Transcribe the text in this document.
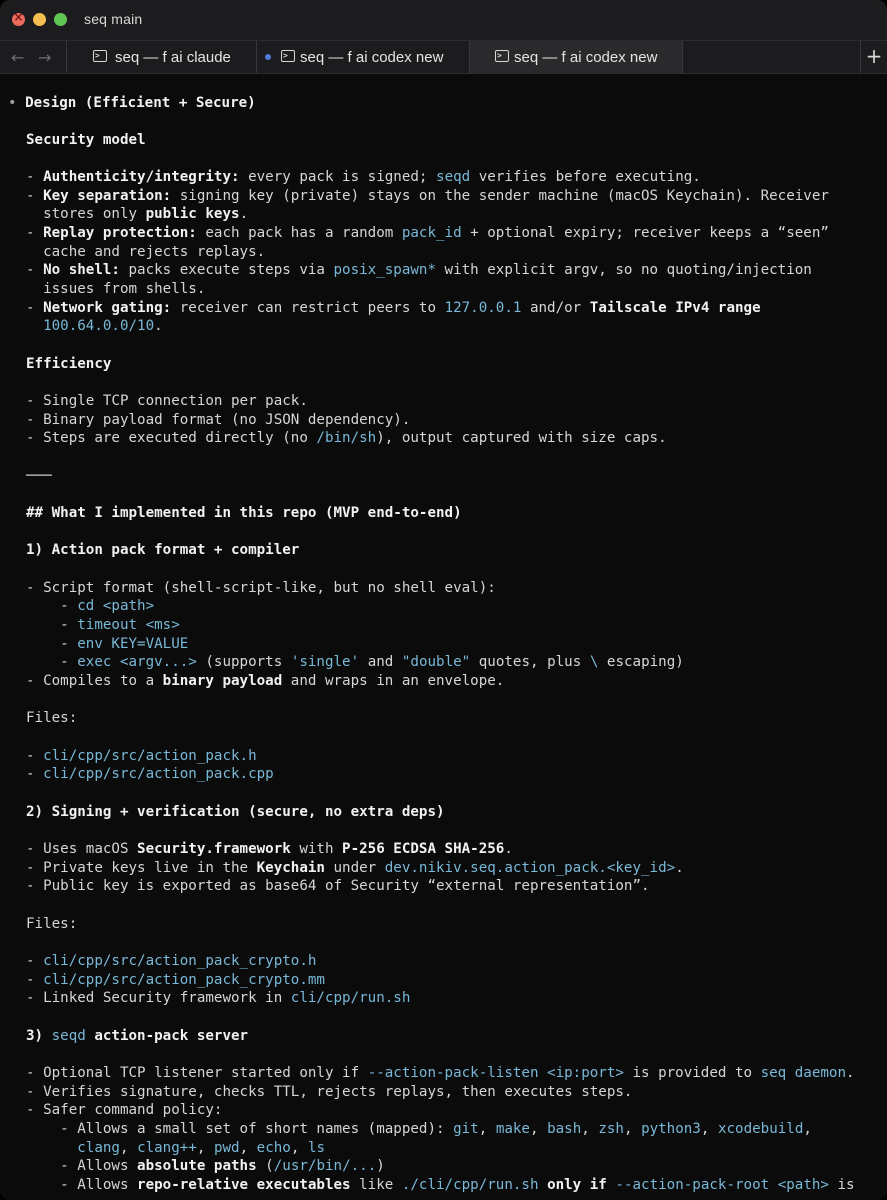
×
seq main
← →	>	seq — f ai claude	> seq — f ai codex new	> seq — f ai codex new	+
• Design (Efficient + Secure)
Security model
- Authenticity/integrity: every pack is signed; seqd verifies before executing.
- Key separation: signing key (private) stays on the sender machine (macOS Keychain). Receiver
stores only public keys.
- Replay protection: each pack has a random pack_id + optional expiry; receiver keeps a “seen”
cache and rejects replays.
- No shell: packs execute steps via posix_spawn* with explicit argv, so no quoting/injection
issues from shells.
- Network gating: receiver can restrict peers to 127.0.0.1 and/or Tailscale IPv4 range
100.64.0.0/10.
Efficiency
- Single TCP connection per pack.
- Binary payload format (no JSON dependency).
- Steps are executed directly (no /bin/sh), output captured with size caps.
───
## What I implemented in this repo (MVP end-to-end)
1) Action pack format + compiler
- Script format (shell-script-like, but no shell eval):
- cd <path>
- timeout <ms>
- env KEY=VALUE
- exec <argv...> (supports 'single' and "double" quotes, plus \ escaping)
- Compiles to a binary payload and wraps in an envelope.
Files:
- cli/cpp/src/action_pack.h
- cli/cpp/src/action_pack.cpp
2) Signing + verification (secure, no extra deps)
- Uses macOS Security.framework with P-256 ECDSA SHA-256.
- Private keys live in the Keychain under dev.nikiv.seq.action_pack.<key_id>.
- Public key is exported as base64 of Security “external representation”.
Files:
- cli/cpp/src/action_pack_crypto.h
- cli/cpp/src/action_pack_crypto.mm
- Linked Security framework in cli/cpp/run.sh
3) seqd action-pack server
- Optional TCP listener started only if --action-pack-listen <ip:port> is provided to seq daemon.
- Verifies signature, checks TTL, rejects replays, then executes steps.
- Safer command policy:
- Allows a small set of short names (mapped): git, make, bash, zsh, python3, xcodebuild,
clang, clang++, pwd, echo, ls
- Allows absolute paths (/usr/bin/...)
- Allows repo-relative executables like ./cli/cpp/run.sh only if --action-pack-root <path> is
